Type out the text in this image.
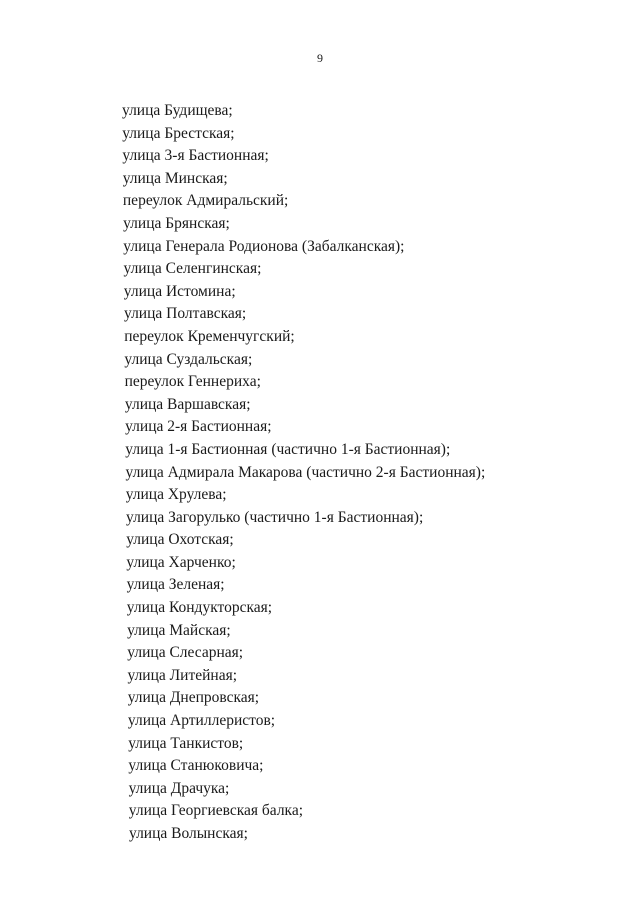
9
улица Будищева;
улица Брестская;
улица 3-я Бастионная;
улица Минская;
переулок Адмиральский;
улица Брянская;
улица Генерала Родионова (Забалканская);
улица Селенгинская;
улица Истомина;
улица Полтавская;
переулок Кременчугский;
улица Суздальская;
переулок Геннериха;
улица Варшавская;
улица 2-я Бастионная;
улица 1-я Бастионная (частично 1-я Бастионная);
улица Адмирала Макарова (частично 2-я Бастионная);
улица Хрулева;
улица Загорулько (частично 1-я Бастионная);
улица Охотская;
улица Харченко;
улица Зеленая;
улица Кондукторская;
улица Майская;
улица Слесарная;
улица Литейная;
улица Днепровская;
улица Артиллеристов;
улица Танкистов;
улица Станюковича;
улица Драчука;
улица Георгиевская балка;
улица Волынская;
